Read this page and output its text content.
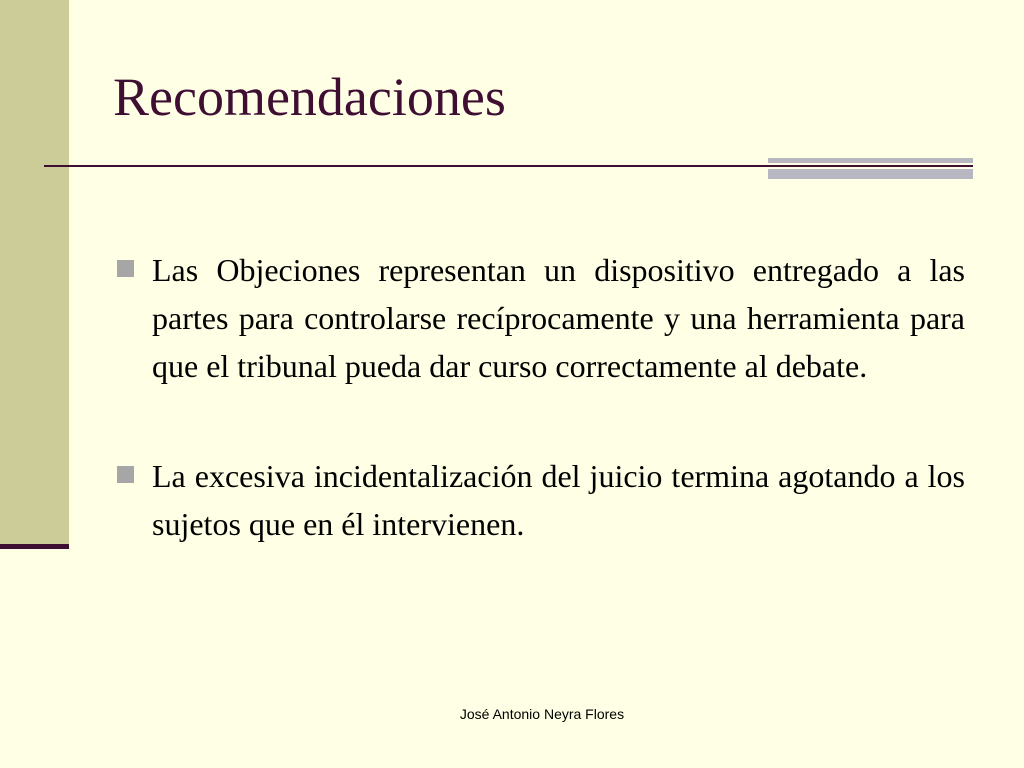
Recomendaciones
Las Objeciones representan un dispositivo entregado a las partes para controlarse recíprocamente y una herramienta para que el tribunal pueda dar curso correctamente al debate.
La excesiva incidentalización del juicio termina agotando a los sujetos que en él intervienen.
José Antonio Neyra Flores
